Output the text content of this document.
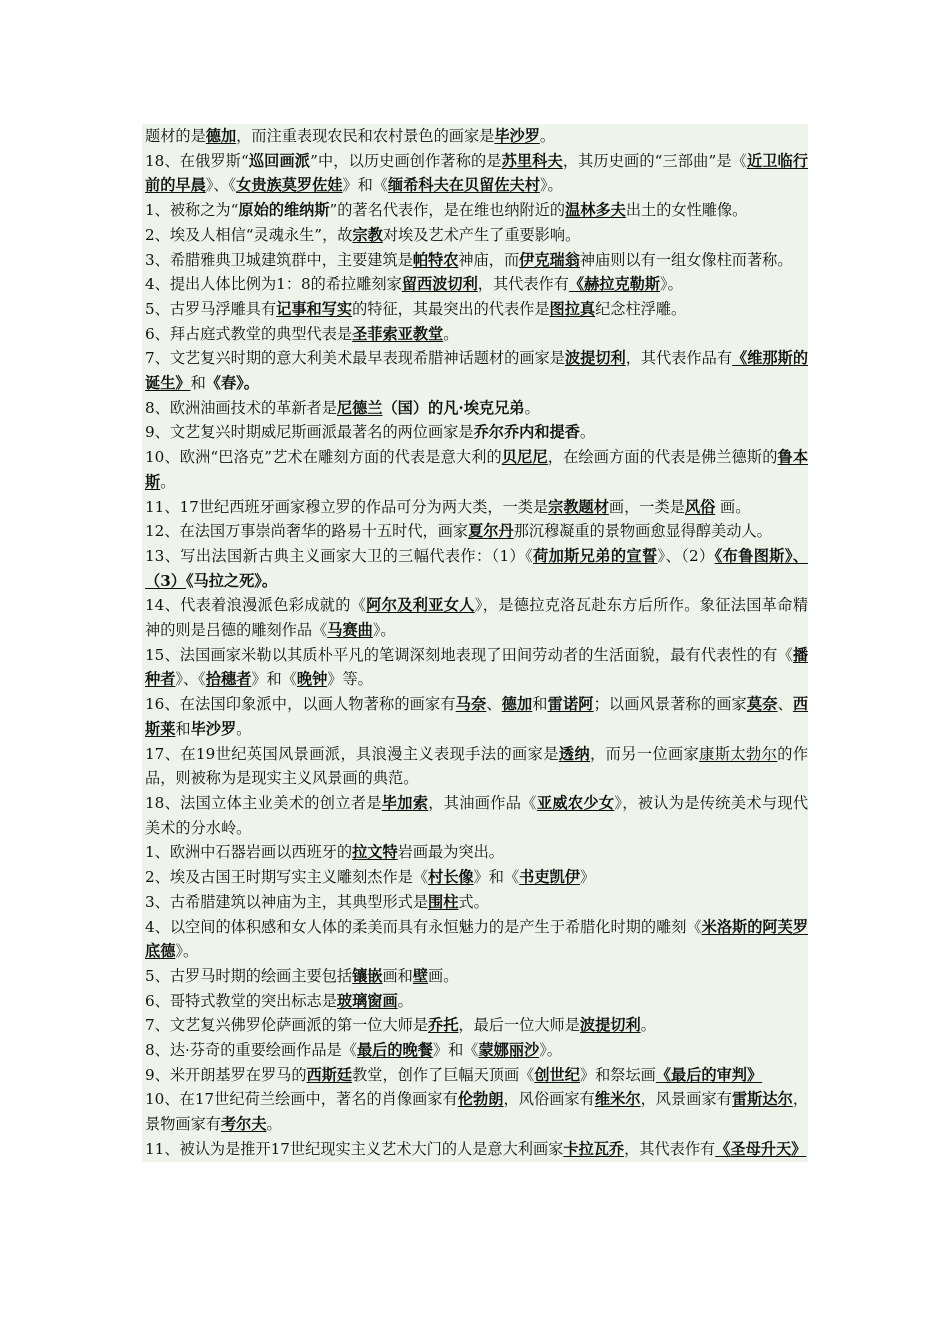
题材的是德加，而注重表现农民和农村景色的画家是毕沙罗。

18、在俄罗斯“巡回画派”中，以历史画创作著称的是苏里科夫，其历史画的“三部曲”是《近卫临行前的早晨》、《女贵族莫罗佐娃》和《缅希科夫在贝留佐夫村》。

1、被称之为“原始的维纳斯”的著名代表作，是在维也纳附近的温林多夫出土的女性雕像。

2、埃及人相信“灵魂永生”，故宗教对埃及艺术产生了重要影响。

3、希腊雅典卫城建筑群中，主要建筑是帕特农神庙，而伊克瑞翁神庙则以有一组女像柱而著称。

4、提出人体比例为1：8的希拉雕刻家留西波切利，其代表作有《赫拉克勒斯》。

5、古罗马浮雕具有记事和写实的特征，其最突出的代表作是图拉真纪念柱浮雕。

6、拜占庭式教堂的典型代表是圣菲索亚教堂。

7、文艺复兴时期的意大利美术最早表现希腊神话题材的画家是波提切利，其代表作品有《维那斯的诞生》和《春》。

8、欧洲油画技术的革新者是尼德兰（国）的凡·埃克兄弟。

9、文艺复兴时期威尼斯画派最著名的两位画家是乔尔乔内和提香。

10、欧洲“巴洛克”艺术在雕刻方面的代表是意大利的贝尼尼，在绘画方面的代表是佛兰德斯的鲁本斯。

11、17世纪西班牙画家穆立罗的作品可分为两大类，一类是宗教题材画，一类是风俗 画。

12、在法国万事崇尚奢华的路易十五时代，画家夏尔丹那沉穆凝重的景物画愈显得醇美动人。

13、写出法国新古典主义画家大卫的三幅代表作：（1）《荷加斯兄弟的宣誓》、（2）《布鲁图斯》、（3）《马拉之死》。

14、代表着浪漫派色彩成就的《阿尔及利亚女人》，是德拉克洛瓦赴东方后所作。象征法国革命精神的则是吕德的雕刻作品《马赛曲》。

15、法国画家米勒以其质朴平凡的笔调深刻地表现了田间劳动者的生活面貌，最有代表性的有《播种者》、《拾穗者》和《晚钟》等。

16、在法国印象派中，以画人物著称的画家有马奈、德加和雷诺阿；以画风景著称的画家莫奈、西斯莱和毕沙罗。

17、在19世纪英国风景画派，具浪漫主义表现手法的画家是透纳，而另一位画家康斯太勃尔的作品，则被称为是现实主义风景画的典范。

18、法国立体主业美术的创立者是毕加索，其油画作品《亚威农少女》，被认为是传统美术与现代美术的分水岭。

1、欧洲中石器岩画以西班牙的拉文特岩画最为突出。

2、埃及古国王时期写实主义雕刻杰作是《村长像》和《书吏凯伊》

3、古希腊建筑以神庙为主，其典型形式是围柱式。

4、以空间的体积感和女人体的柔美而具有永恒魅力的是产生于希腊化时期的雕刻《米洛斯的阿芙罗底德》。

5、古罗马时期的绘画主要包括镶嵌画和壁画。

6、哥特式教堂的突出标志是玻璃窗画。

7、文艺复兴佛罗伦萨画派的第一位大师是乔托，最后一位大师是波提切利。

8、达·芬奇的重要绘画作品是《最后的晚餐》和《蒙娜丽沙》。

9、米开朗基罗在罗马的西斯廷教堂，创作了巨幅天顶画《创世纪》和祭坛画《最后的审判》

10、在17世纪荷兰绘画中，著名的肖像画家有伦勃朗，风俗画家有维米尔，风景画家有雷斯达尔，景物画家有考尔夫。

11、被认为是推开17世纪现实主义艺术大门的人是意大利画家卡拉瓦乔，其代表作有《圣母升天》
